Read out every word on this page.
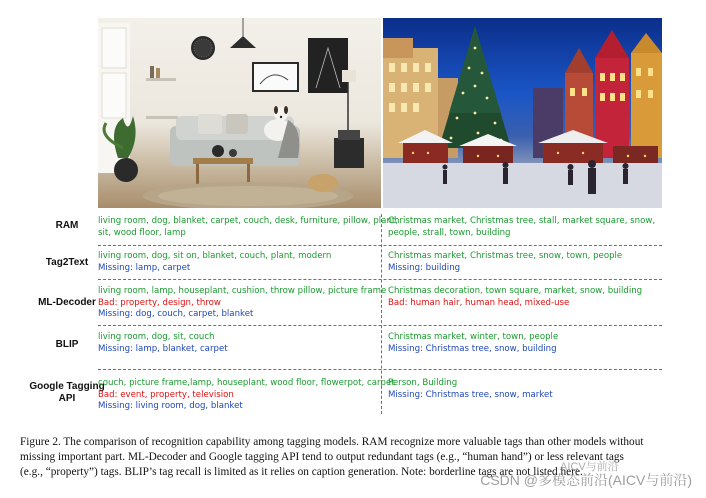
RAM	living room, dog, blanket, carpet, couch, desk, furniture, pillow, plant,
sit, wood floor, lamp
Christmas market, Christmas tree, stall, market square, snow,
people, strall, town, building
Tag2Text
living room, dog, sit on, blanket, couch, plant, modern
Missing: lamp, carpet
Christmas market, Christmas tree, snow, town, people
Missing: building
ML-Decoder
living room, lamp, houseplant, cushion, throw pillow, picture frame
Bad: property, design, throw
Missing: dog, couch, carpet, blanket
Christmas decoration, town square, market, snow, building
Bad: human hair, human head, mixed-use
BLIP
living room, dog, sit, couch
Missing: lamp, blanket, carpet
Christmas market, winter, town, people
Missing: Christmas tree, snow, building
Google Tagging API
couch, picture frame,lamp, houseplant, wood floor, flowerpot, carpet
Bad: event, property, television
Missing: living room, dog, blanket
Person, Building
Missing: Christmas tree, snow, market
Figure 2. The comparison of recognition capability among tagging models. RAM recognize more valuable tags than other models without
missing important part. ML-Decoder and Google tagging API tend to output redundant tags (e.g., “human hand”) or less relevant tags
(e.g., “property”) tags. BLIP’s tag recall is limited as it relies on caption generation. Note: borderline tags are not listed here.
AICV与前沿
CSDN @多模态前沿(AICV与前沿)
